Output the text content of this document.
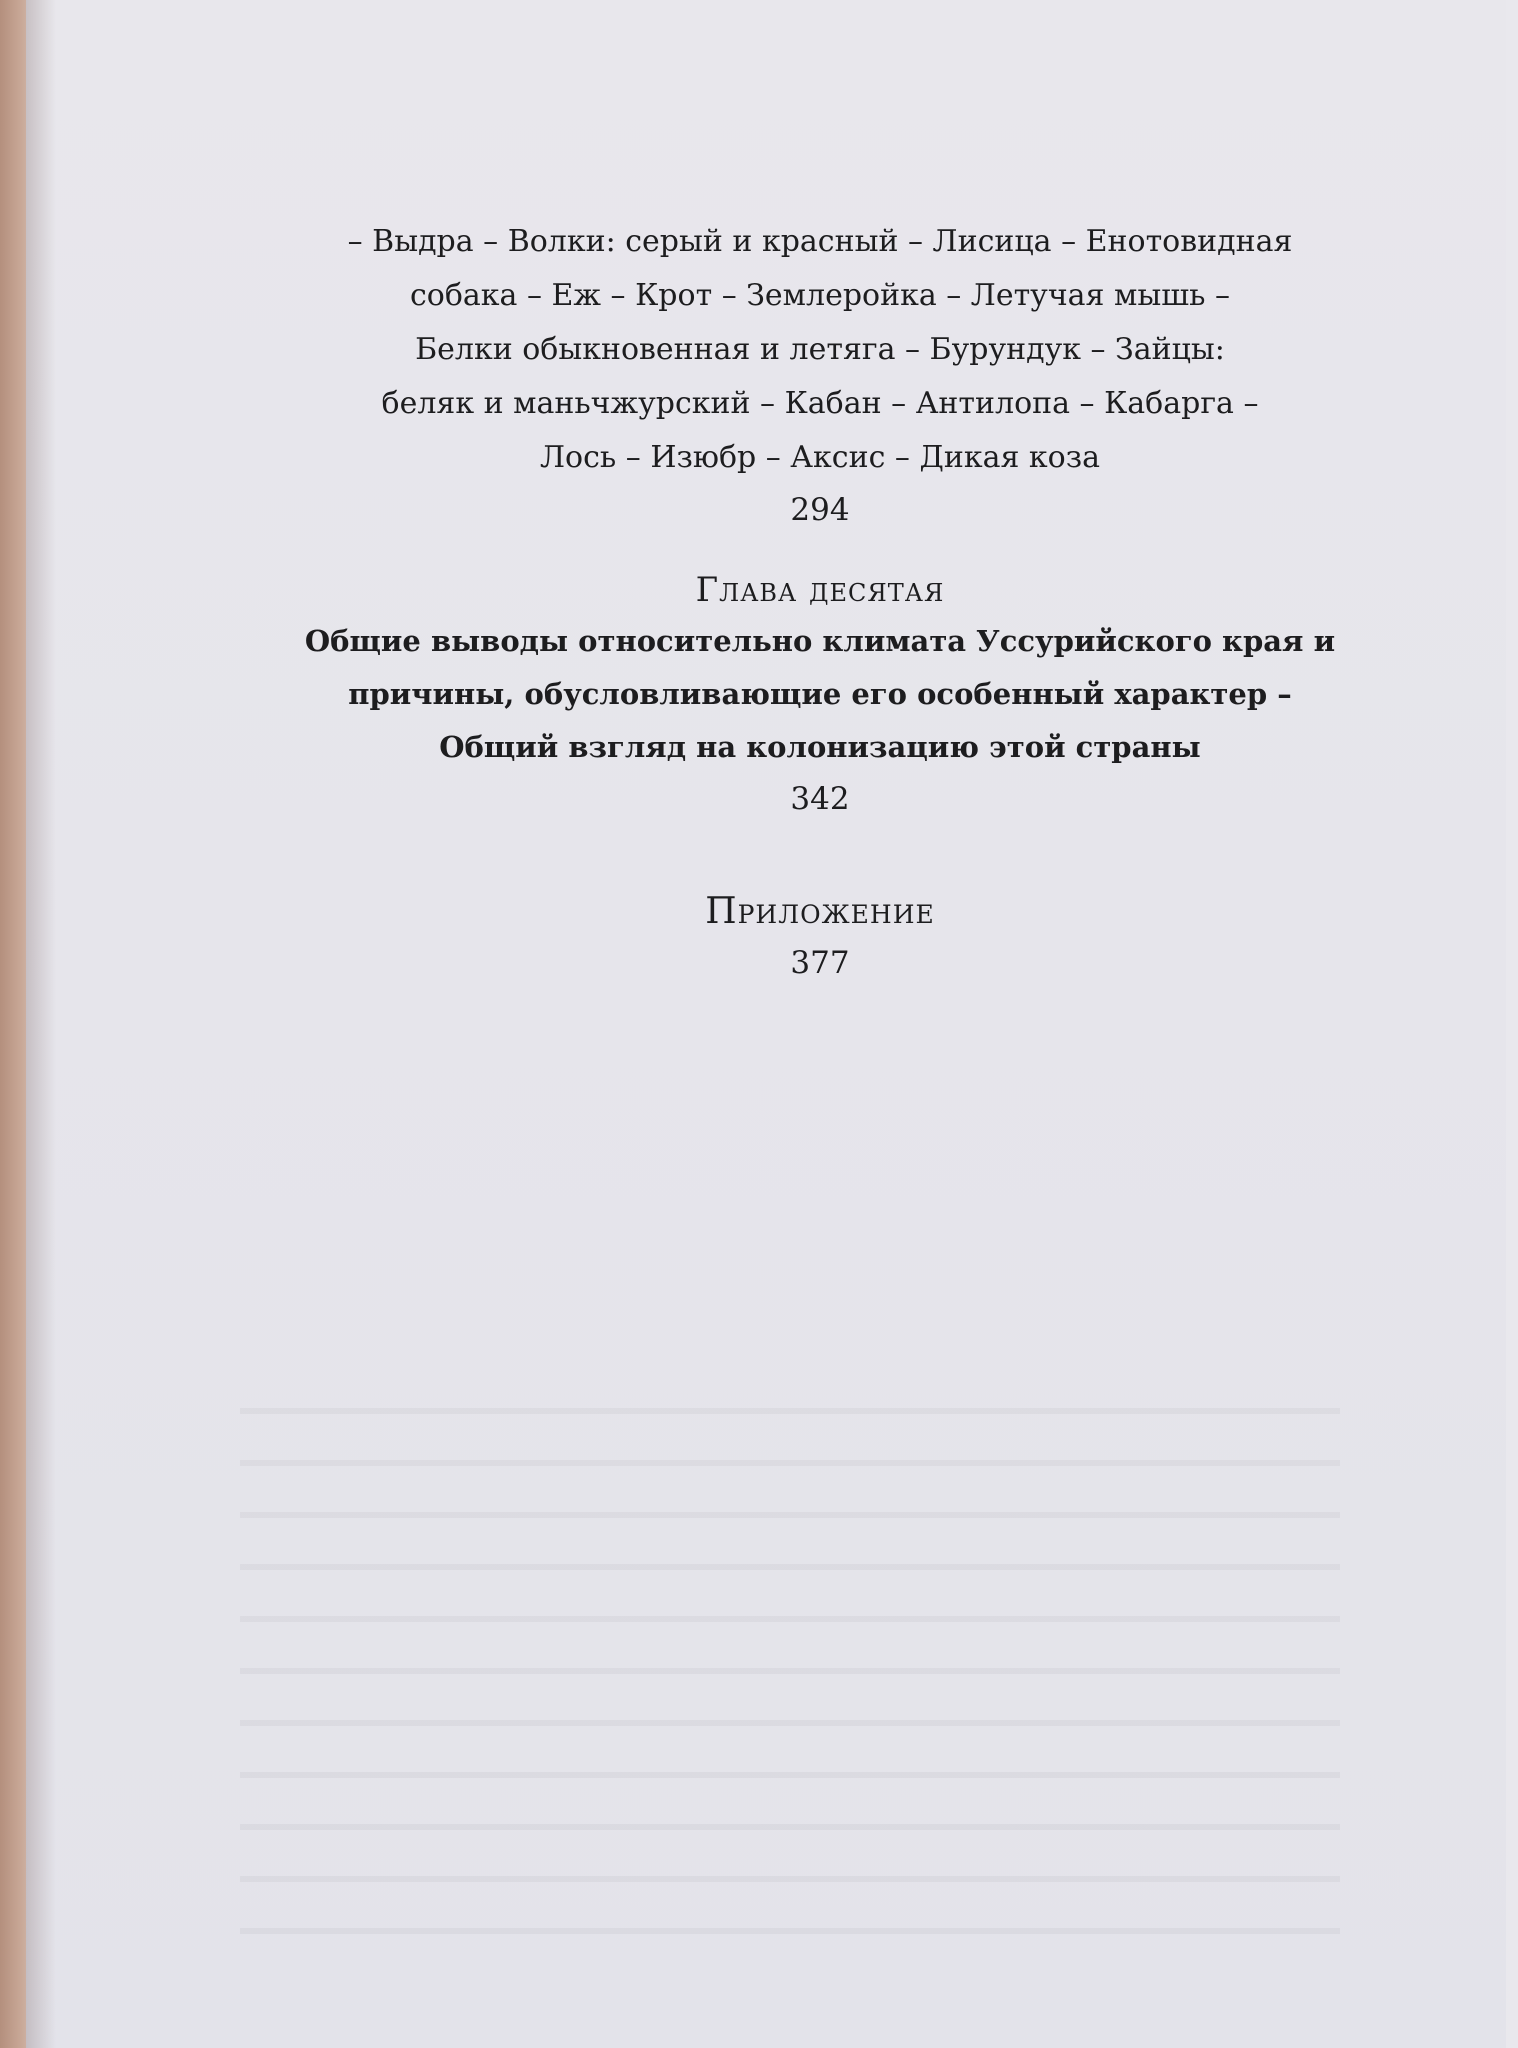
– Выдра – Волки: серый и красный – Лисица – Енотовидная
собака – Еж – Крот – Землеройка – Летучая мышь –
Белки обыкновенная и летяга – Бурундук – Зайцы:
беляк и маньчжурский – Кабан – Антилопа – Кабарга –
Лось – Изюбр – Аксис – Дикая коза

294

Глава десятая

Общие выводы относительно климата Уссурийского края и
причины, обусловливающие его особенный характер –
Общий взгляд на колонизацию этой страны

342

Приложение

377
